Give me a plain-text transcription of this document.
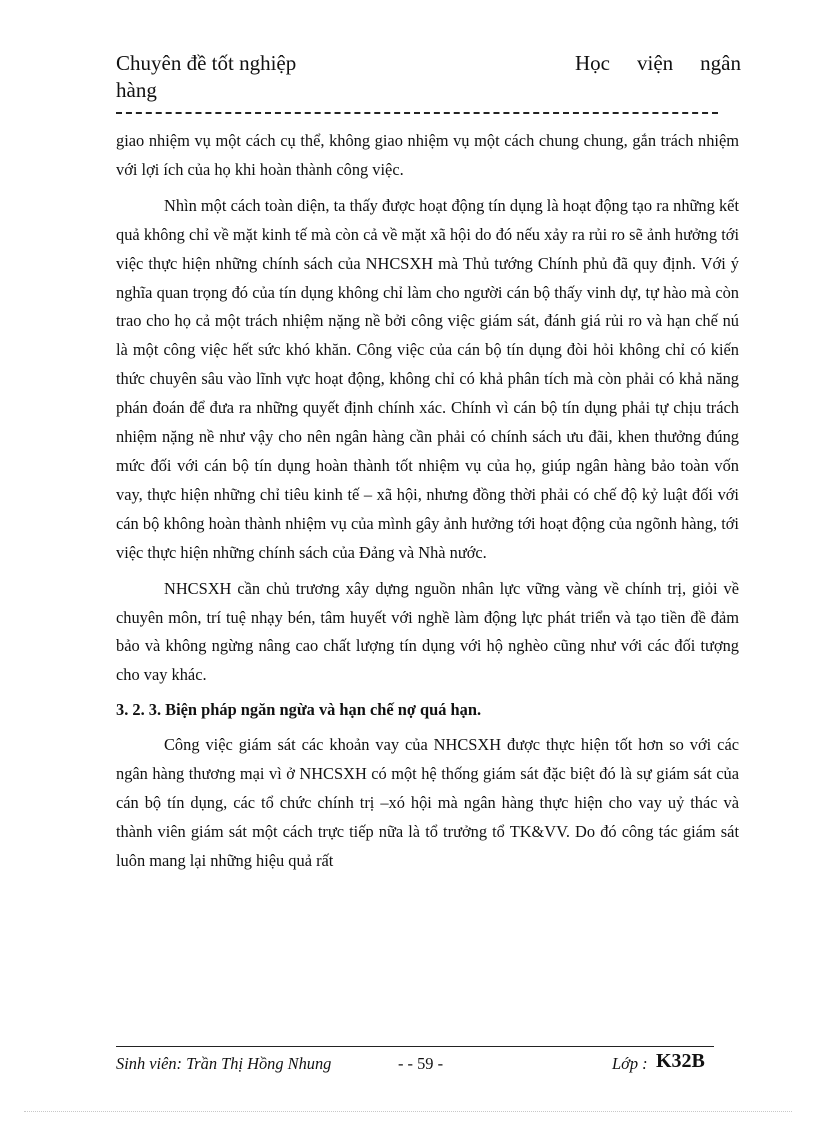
Chuyên đề tốt nghiệp	Học viện ngân
hàng

giao nhiệm vụ một cách cụ thể, không giao nhiệm vụ một cách chung chung, gắn trách nhiệm với lợi ích của họ khi hoàn thành công việc.

Nhìn một cách toàn diện, ta thấy được hoạt động tín dụng là hoạt động tạo ra những kết quả không chỉ về mặt kinh tế mà còn cả về mặt xã hội do đó nếu xảy ra rủi ro sẽ ảnh hưởng tới việc thực hiện những chính sách của NHCSXH mà Thủ tướng Chính phủ đã quy định. Với ý nghĩa quan trọng đó của tín dụng không chỉ làm cho người cán bộ thấy vinh dự, tự hào mà còn trao cho họ cả một trách nhiệm nặng nề bởi công việc giám sát, đánh giá rủi ro và hạn chế nú là một công việc hết sức khó khăn. Công việc của cán bộ tín dụng đòi hỏi không chỉ có kiến thức chuyên sâu vào lĩnh vực hoạt động, không chỉ có khả phân tích mà còn phải có khả năng phán đoán để đưa ra những quyết định chính xác. Chính vì cán bộ tín dụng phải tự chịu trách nhiệm nặng nề như vậy cho nên ngân hàng cần phải có chính sách ưu đãi, khen thưởng đúng mức đối với cán bộ tín dụng hoàn thành tốt nhiệm vụ của họ, giúp ngân hàng bảo toàn vốn vay, thực hiện những chỉ tiêu kinh tế – xã hội, nhưng đồng thời phải có chế độ kỷ luật đối với cán bộ không hoàn thành nhiệm vụ của mình gây ảnh hưởng tới hoạt động của ngõnh hàng, tới việc thực hiện những chính sách của Đảng và Nhà nước.

NHCSXH cần chủ trương xây dựng nguồn nhân lực vững vàng về chính trị, giỏi về chuyên môn, trí tuệ nhạy bén, tâm huyết với nghề làm động lực phát triển và tạo tiền đề đảm bảo và không ngừng nâng cao chất lượng tín dụng với hộ nghèo cũng như với các đối tượng cho vay khác.

3. 2. 3. Biện pháp ngăn ngừa và hạn chế nợ quá hạn.

Công việc giám sát các khoản vay của NHCSXH được thực hiện tốt hơn so với các ngân hàng thương mại vì ở NHCSXH có một hệ thống giám sát đặc biệt đó là sự giám sát của cán bộ tín dụng, các tổ chức chính trị –xó hội mà ngân hàng thực hiện cho vay uỷ thác và thành viên giám sát một cách trực tiếp nữa là tổ trưởng tổ TK&VV. Do đó công tác giám sát luôn mang lại những hiệu quả rất

Sinh viên: Trần Thị Hồng Nhung	- - 59 -	Lớp : K32B
